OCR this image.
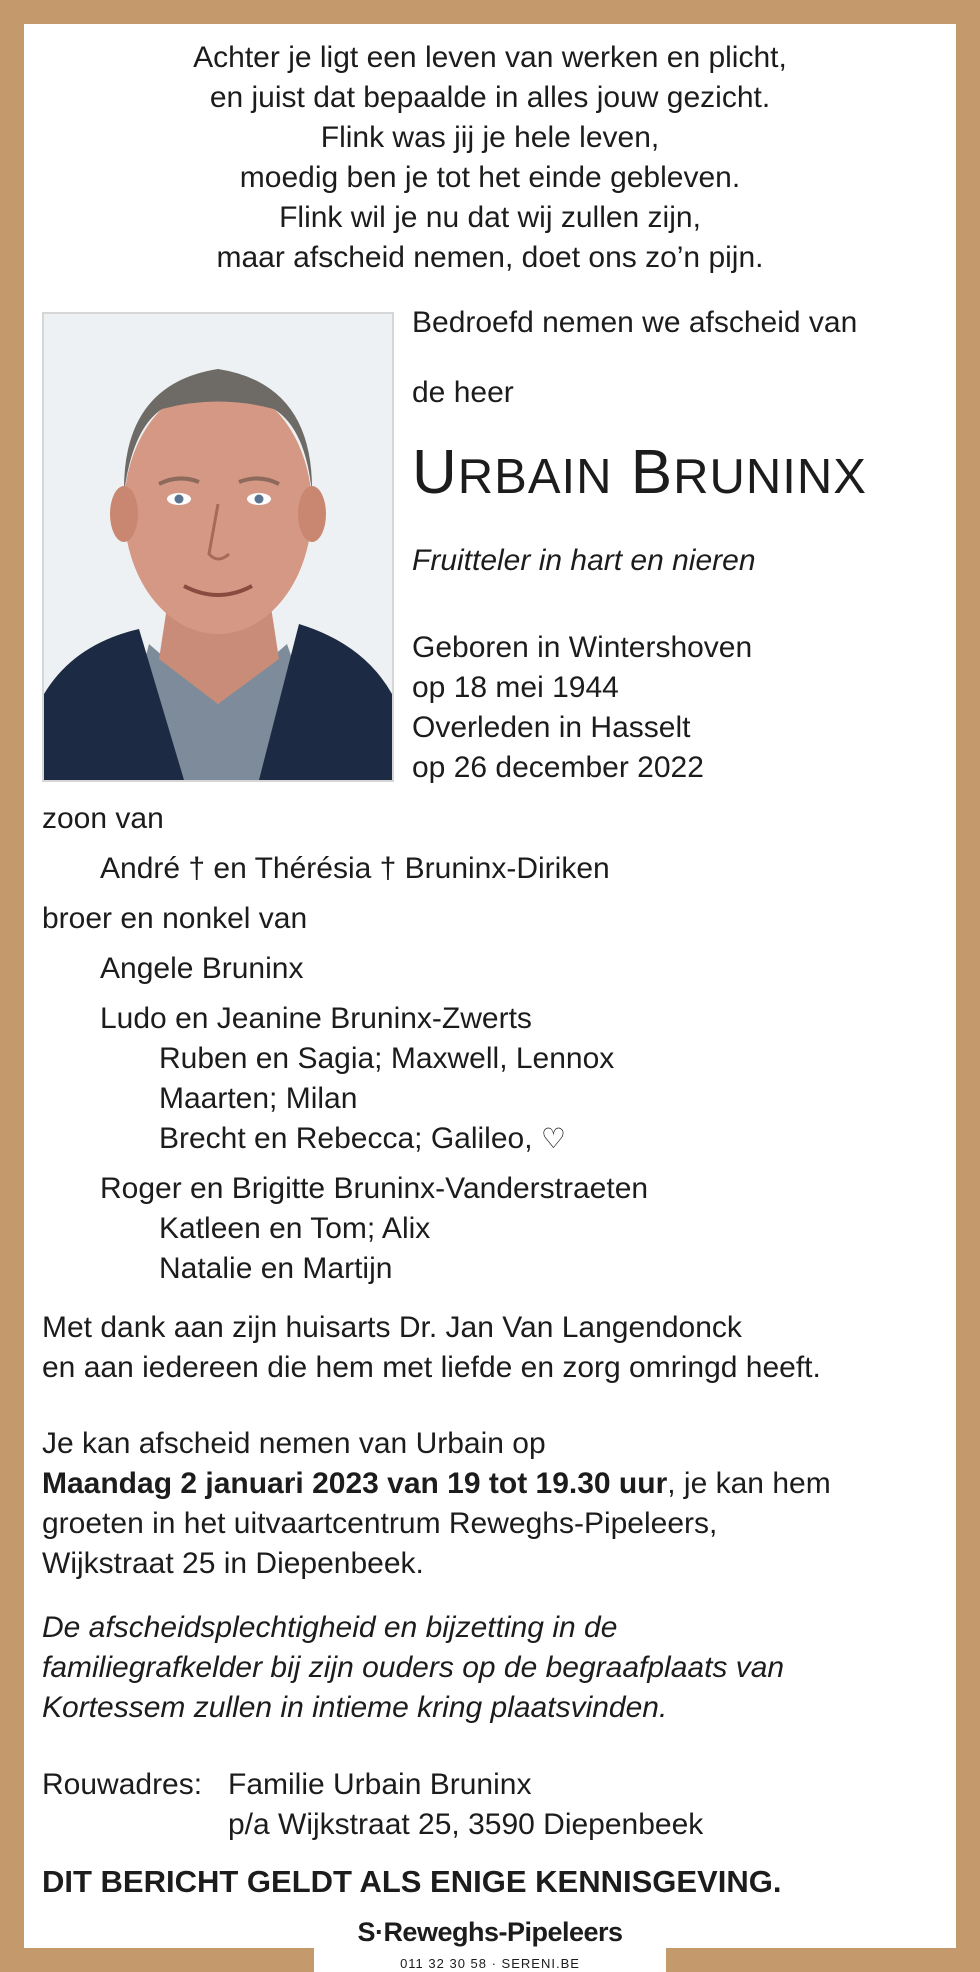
Achter je ligt een leven van werken en plicht,
en juist dat bepaalde in alles jouw gezicht.
Flink was jij je hele leven,
moedig ben je tot het einde gebleven.
Flink wil je nu dat wij zullen zijn,
maar afscheid nemen, doet ons zo’n pijn.
Bedroefd nemen we afscheid van
de heer
URBAIN BRUNINX
Fruitteler in hart en nieren
Geboren in Wintershoven
op 18 mei 1944
Overleden in Hasselt
op 26 december 2022
zoon van
André † en Thérésia † Bruninx-Diriken
broer en nonkel van
Angele Bruninx
Ludo en Jeanine Bruninx-Zwerts
Ruben en Sagia; Maxwell, Lennox
Maarten; Milan
Brecht en Rebecca; Galileo, ♡
Roger en Brigitte Bruninx-Vanderstraeten
Katleen en Tom; Alix
Natalie en Martijn
Met dank aan zijn huisarts Dr. Jan Van Langendonck
en aan iedereen die hem met liefde en zorg omringd heeft.
Je kan afscheid nemen van Urbain op
Maandag 2 januari 2023 van 19 tot 19.30 uur, je kan hem
groeten in het uitvaartcentrum Reweghs-Pipeleers,
Wijkstraat 25 in Diepenbeek.
De afscheidsplechtigheid en bijzetting in de
familiegrafkelder bij zijn ouders op de begraafplaats van
Kortessem zullen in intieme kring plaatsvinden.
Rouwadres: Familie Urbain Bruninx
p/a Wijkstraat 25, 3590 Diepenbeek
DIT BERICHT GELDT ALS ENIGE KENNISGEVING.
S·Reweghs-Pipeleers
011 32 30 58 · SERENI.BE
